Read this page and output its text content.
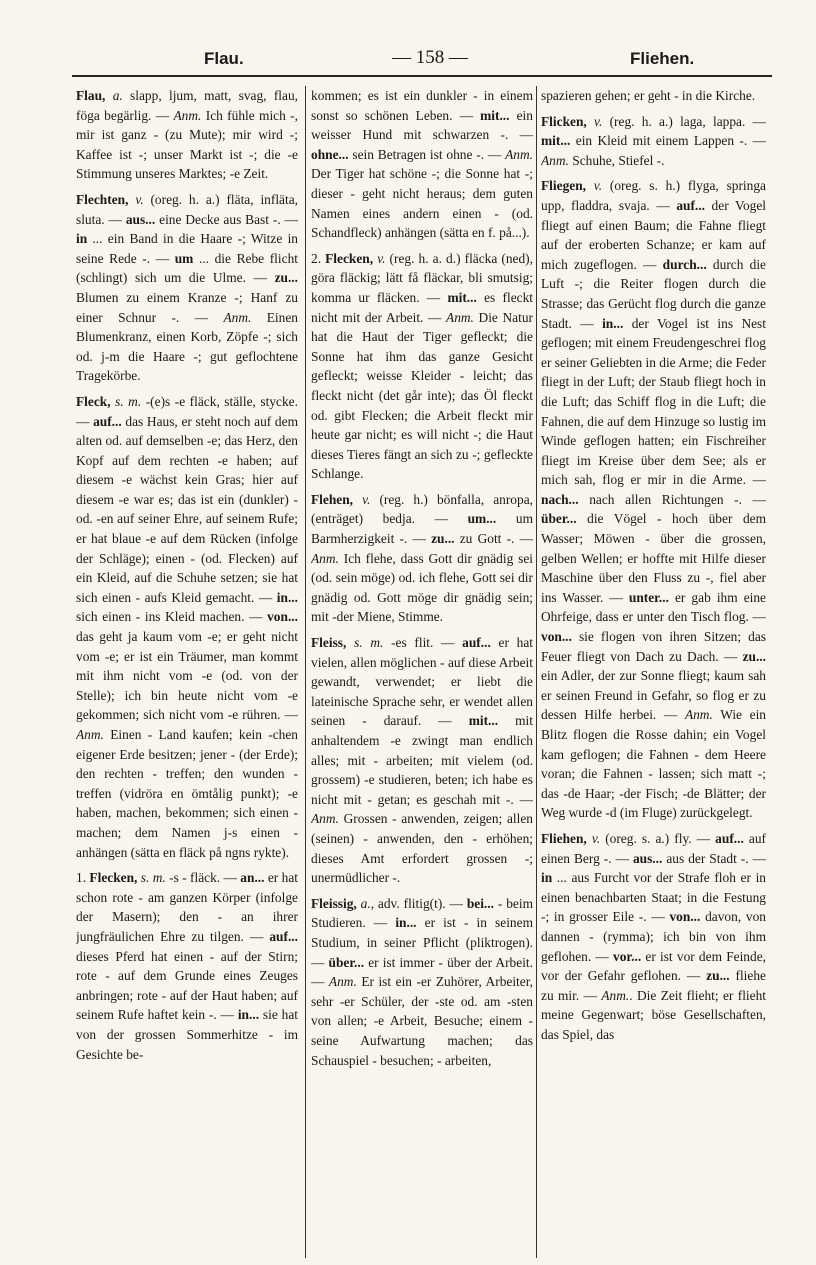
Flau.	— 158 —	Fliehen.

Flau, a. slapp, ljum, matt, svag, flau, föga begärlig. — Anm. Ich fühle mich -, mir ist ganz - (zu Mute); mir wird -; Kaffee ist -; unser Markt ist -; die -e Stimmung unseres Marktes; -e Zeit.

Flechten, v. (oreg. h. a.) fläta, infläta, sluta. — aus... eine Decke aus Bast -. — in ... ein Band in die Haare -; Witze in seine Rede -. — um ... die Rebe flicht (schlingt) sich um die Ulme. — zu... Blumen zu einem Kranze -; Hanf zu einer Schnur -. — Anm. Einen Blumenkranz, einen Korb, Zöpfe -; sich od. j-m die Haare -; gut geflochtene Tragekörbe.

Fleck, s. m. -(e)s -e fläck, ställe, stycke. — auf... das Haus, er steht noch auf dem alten od. auf demselben -e; das Herz, den Kopf auf dem rechten -e haben; auf diesem -e wächst kein Gras; hier auf diesem -e war es; das ist ein (dunkler) - od. -en auf seiner Ehre, auf seinem Rufe; er hat blaue -e auf dem Rücken (infolge der Schläge); einen - (od. Flecken) auf ein Kleid, auf die Schuhe setzen; sie hat sich einen - aufs Kleid gemacht. — in... sich einen - ins Kleid machen. — von... das geht ja kaum vom -e; er geht nicht vom -e; er ist ein Träumer, man kommt mit ihm nicht vom -e (od. von der Stelle); ich bin heute nicht vom -e gekommen; sich nicht vom -e rühren. — Anm. Einen - Land kaufen; kein -chen eigener Erde besitzen; jener - (der Erde); den rechten - treffen; den wunden - treffen (vidröra en ömtålig punkt); -e haben, machen, bekommen; sich einen - machen; dem Namen j-s einen - anhängen (sätta en fläck på ngns rykte).

1. Flecken, s. m. -s - fläck. — an... er hat schon rote - am ganzen Körper (infolge der Masern); den - an ihrer jungfräulichen Ehre zu tilgen. — auf... dieses Pferd hat einen - auf der Stirn; rote - auf dem Grunde eines Zeuges anbringen; rote - auf der Haut haben; auf seinem Rufe haftet kein -. — in... sie hat von der grossen Sommerhitze - im Gesichte be-

kommen; es ist ein dunkler - in einem sonst so schönen Leben. — mit... ein weisser Hund mit schwarzen -. — ohne... sein Betragen ist ohne -. — Anm. Der Tiger hat schöne -; die Sonne hat -; dieser - geht nicht heraus; dem guten Namen eines andern einen - (od. Schandfleck) anhängen (sätta en f. på...).

2. Flecken, v. (reg. h. a. d.) fläcka (ned), göra fläckig; lätt få fläckar, bli smutsig; komma ur fläcken. — mit... es fleckt nicht mit der Arbeit. — Anm. Die Natur hat die Haut der Tiger gefleckt; die Sonne hat ihm das ganze Gesicht gefleckt; weisse Kleider - leicht; das fleckt nicht (det går inte); das Öl fleckt od. gibt Flecken; die Arbeit fleckt mir heute gar nicht; es will nicht -; die Haut dieses Tieres fängt an sich zu -; gefleckte Schlange.

Flehen, v. (reg. h.) bönfalla, anropa, (enträget) bedja. — um... um Barmherzigkeit -. — zu... zu Gott -. — Anm. Ich flehe, dass Gott dir gnädig sei (od. sein möge) od. ich flehe, Gott sei dir gnädig od. Gott möge dir gnädig sein; mit -der Miene, Stimme.

Fleiss, s. m. -es flit. — auf... er hat vielen, allen möglichen - auf diese Arbeit gewandt, verwendet; er liebt die lateinische Sprache sehr, er wendet allen seinen - darauf. — mit... mit anhaltendem -e zwingt man endlich alles; mit - arbeiten; mit vielem (od. grossem) -e studieren, beten; ich habe es nicht mit - getan; es geschah mit -. — Anm. Grossen - anwenden, zeigen; allen (seinen) - anwenden, den - erhöhen; dieses Amt erfordert grossen -; unermüdlicher -.

Fleissig, a., adv. flitig(t). — bei... - beim Studieren. — in... er ist - in seinem Studium, in seiner Pflicht (pliktrogen). — über... er ist immer - über der Arbeit. — Anm. Er ist ein -er Zuhörer, Arbeiter, sehr -er Schüler, der -ste od. am -sten von allen; -e Arbeit, Besuche; einem - seine Aufwartung machen; das Schauspiel - besuchen; - arbeiten,

spazieren gehen; er geht - in die Kirche.

Flicken, v. (reg. h. a.) laga, lappa. — mit... ein Kleid mit einem Lappen -. — Anm. Schuhe, Stiefel -.

Fliegen, v. (oreg. s. h.) flyga, springa upp, fladdra, svaja. — auf... der Vogel fliegt auf einen Baum; die Fahne fliegt auf der eroberten Schanze; er kam auf mich zugeflogen. — durch... durch die Luft -; die Reiter flogen durch die Strasse; das Gerücht flog durch die ganze Stadt. — in... der Vogel ist ins Nest geflogen; mit einem Freudengeschrei flog er seiner Geliebten in die Arme; die Feder fliegt in der Luft; der Staub fliegt hoch in die Luft; das Schiff flog in die Luft; die Fahnen, die auf dem Hinzuge so lustig im Winde geflogen hatten; ein Fischreiher fliegt im Kreise über dem See; als er mich sah, flog er mir in die Arme. — nach... nach allen Richtungen -. — über... die Vögel - hoch über dem Wasser; Möwen - über die grossen, gelben Wellen; er hoffte mit Hilfe dieser Maschine über den Fluss zu -, fiel aber ins Wasser. — unter... er gab ihm eine Ohrfeige, dass er unter den Tisch flog. — von... sie flogen von ihren Sitzen; das Feuer fliegt von Dach zu Dach. — zu... ein Adler, der zur Sonne fliegt; kaum sah er seinen Freund in Gefahr, so flog er zu dessen Hilfe herbei. — Anm. Wie ein Blitz flogen die Rosse dahin; ein Vogel kam geflogen; die Fahnen - dem Heere voran; die Fahnen - lassen; sich matt -; das -de Haar; -der Fisch; -de Blätter; der Weg wurde -d (im Fluge) zurückgelegt.

Fliehen, v. (oreg. s. a.) fly. — auf... auf einen Berg -. — aus... aus der Stadt -. — in ... aus Furcht vor der Strafe floh er in einen benachbarten Staat; in die Festung -; in grosser Eile -. — von... davon, von dannen - (rymma); ich bin von ihm geflohen. — vor... er ist vor dem Feinde, vor der Gefahr geflohen. — zu... fliehe zu mir. — Anm.. Die Zeit flieht; er flieht meine Gegenwart; böse Gesellschaften, das Spiel, das
